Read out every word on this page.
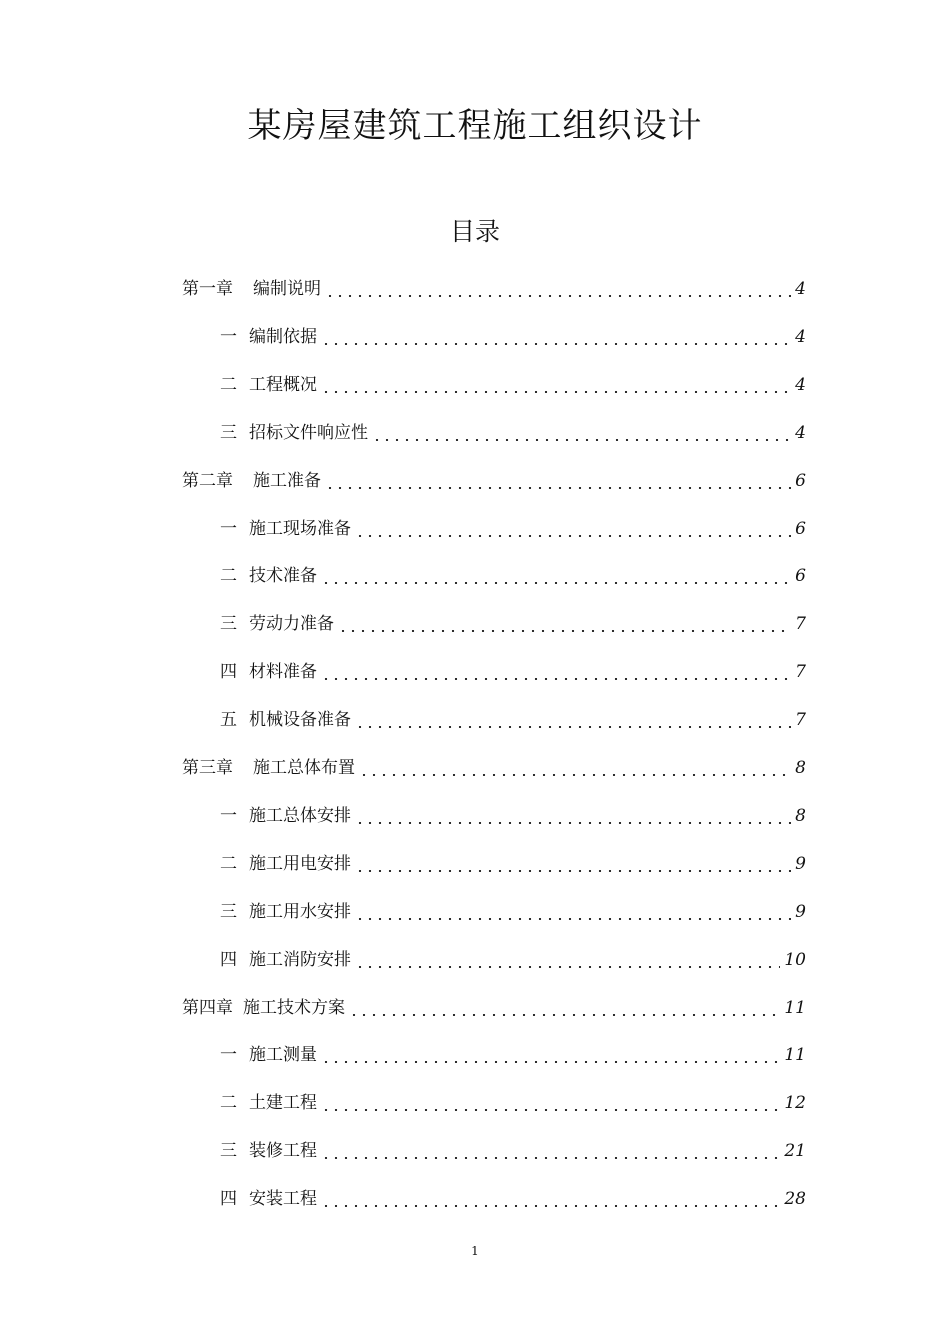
某房屋建筑工程施工组织设计
目录
第一章 编制说明	4
一 编制依据	4
二 工程概况	4
三 招标文件响应性	4
第二章 施工准备	6
一 施工现场准备	6
二 技术准备	6
三 劳动力准备	7
四 材料准备	7
五 机械设备准备	7
第三章 施工总体布置	8
一 施工总体安排	8
二 施工用电安排	9
三 施工用水安排	9
四 施工消防安排	10
第四章 施工技术方案	11
一 施工测量	11
二 土建工程	12
三 装修工程	21
四 安装工程	28
1
